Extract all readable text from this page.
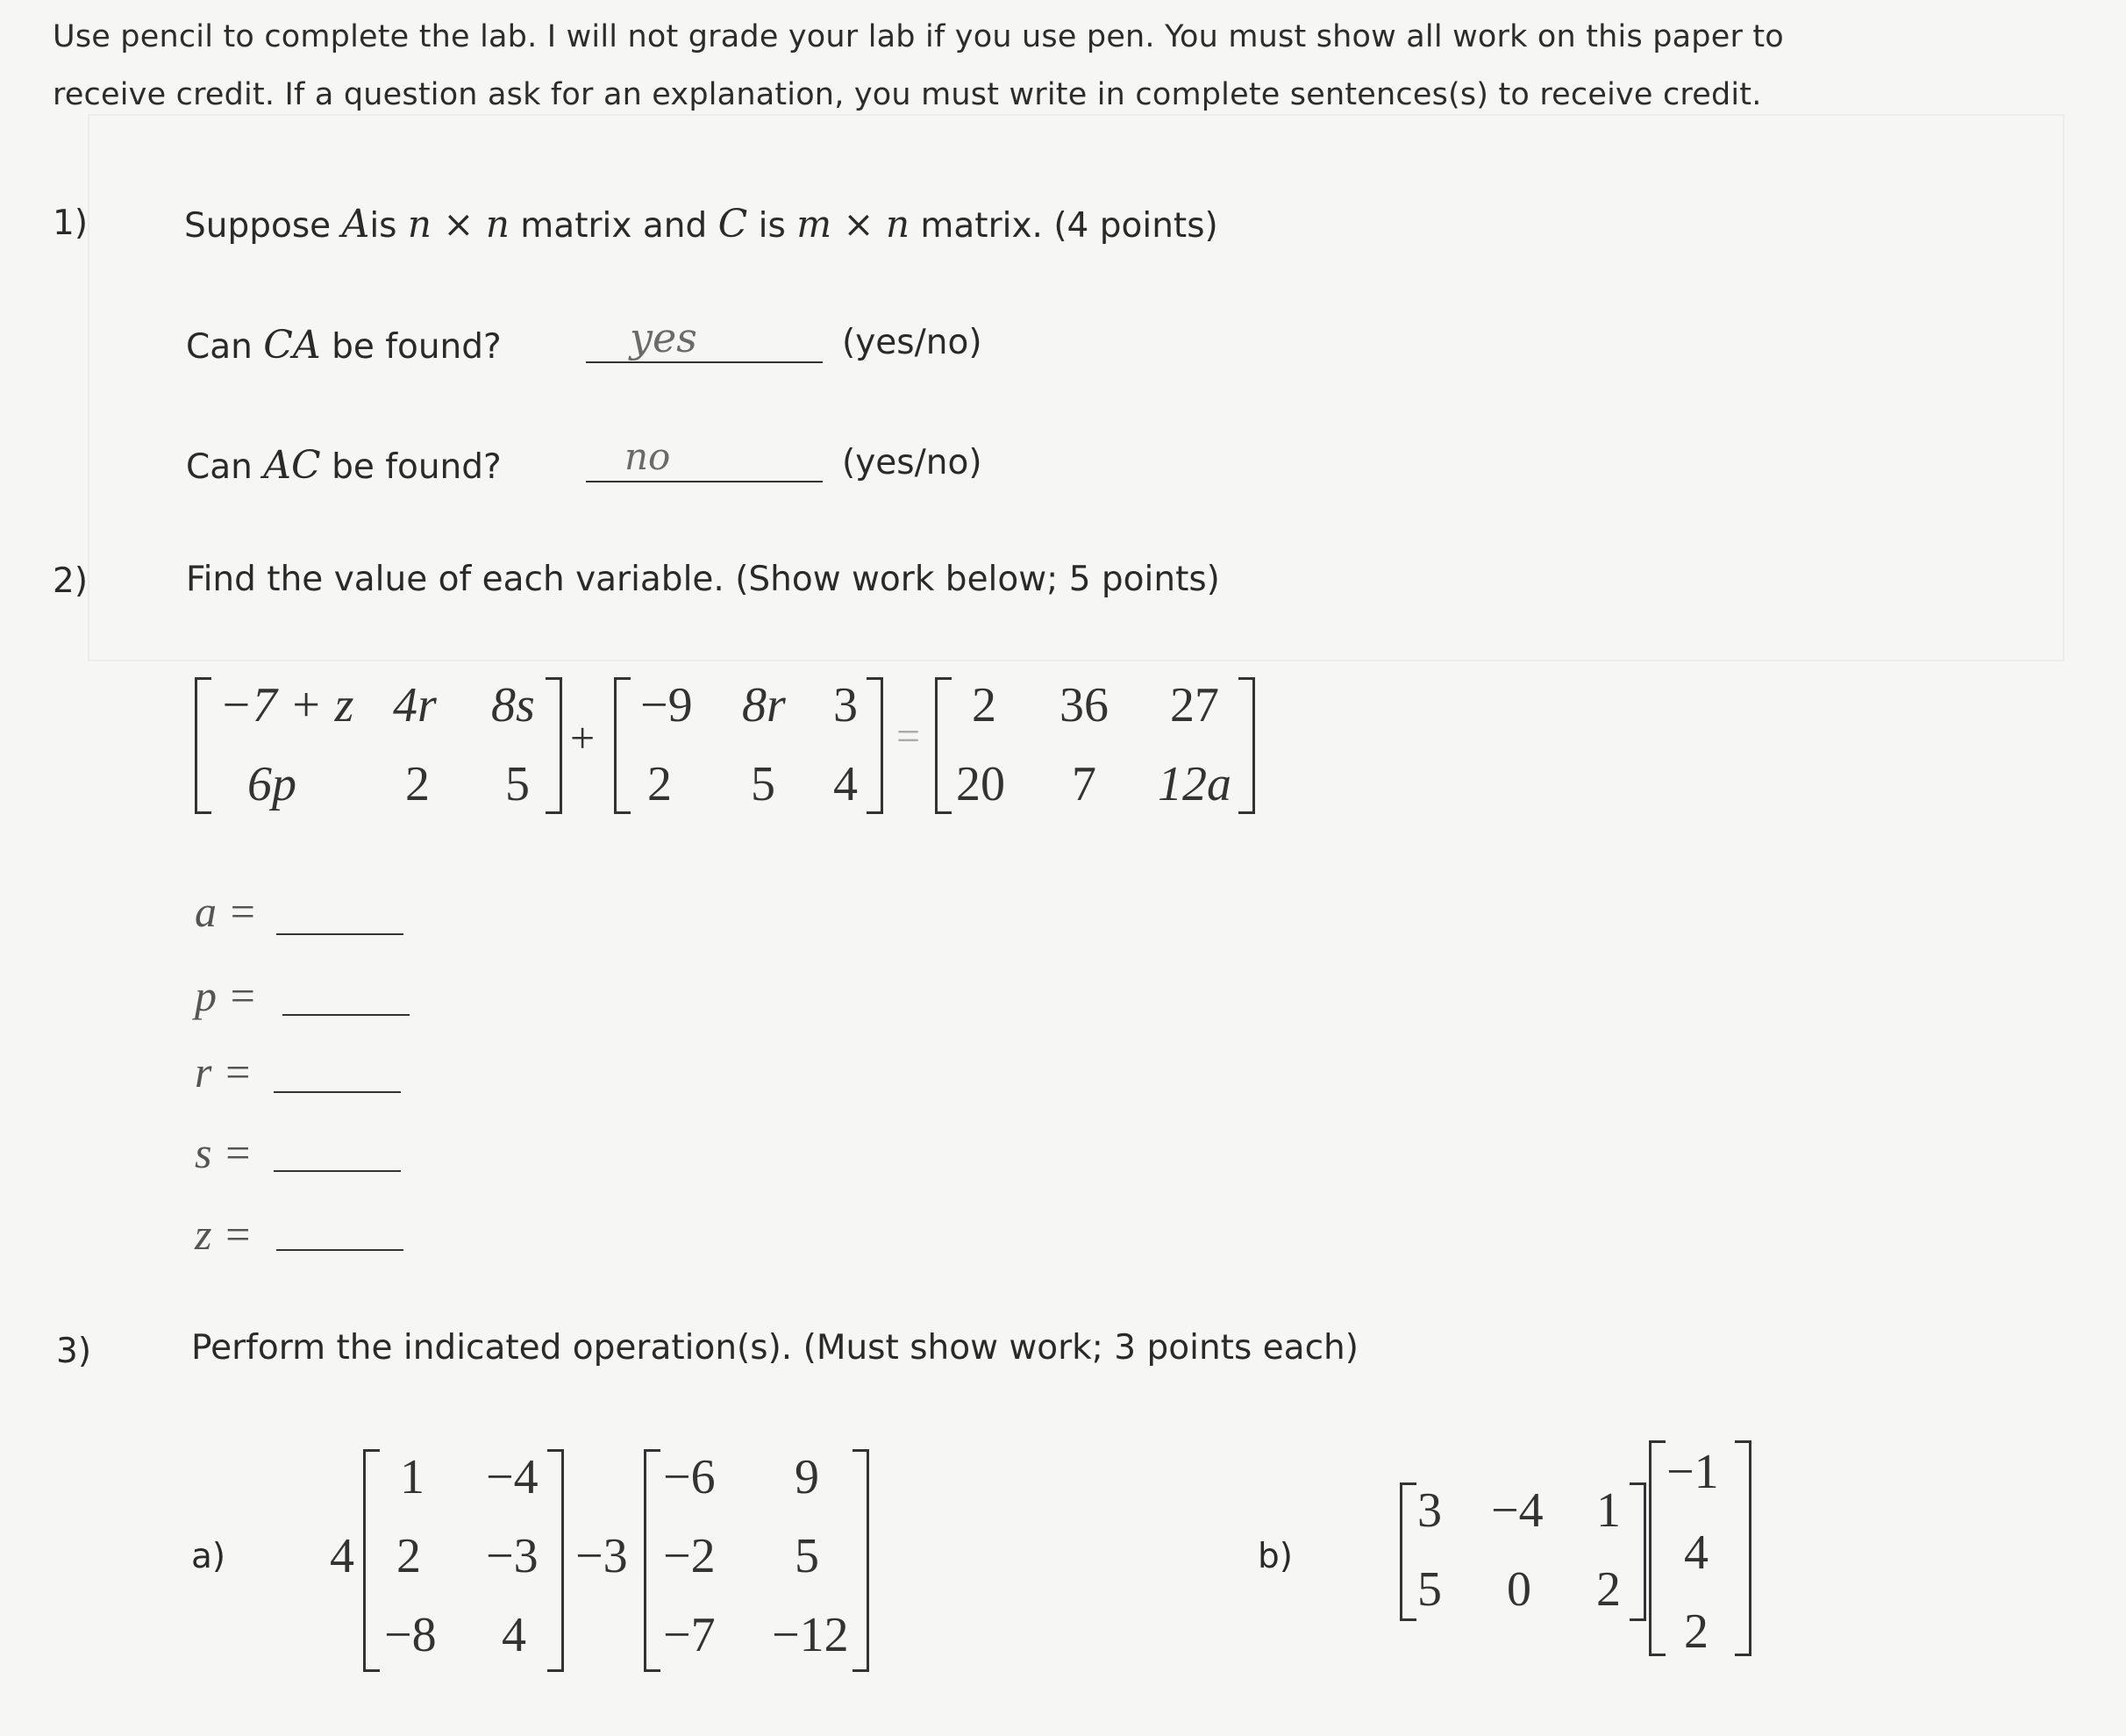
Use pencil to complete the lab. I will not grade your lab if you use pen. You must show all work on this paper to
receive credit. If a question ask for an explanation, you must write in complete sentences(s) to receive credit.
1)	Suppose Ais n × n matrix and C is m × n matrix. (4 points)
Can CA be found?	yes	(yes/no)
Can AC be found?	no	(yes/no)
2)	Find the value of each variable. (Show work below; 5 points)
−7 + z 4r 8s
6p 2 5
+
−9 8r 3
2 5 4
=
2 36 27
20 7 12a
a =
p =
r =
s =
z =
3)	Perform the indicated operation(s). (Must show work; 3 points each)
a) 4
1 −4
2 −3
−8 4
−3
−6 9
−2 5
−7 −12
b)
3 −4 1
5 0 2
−1
4
2
